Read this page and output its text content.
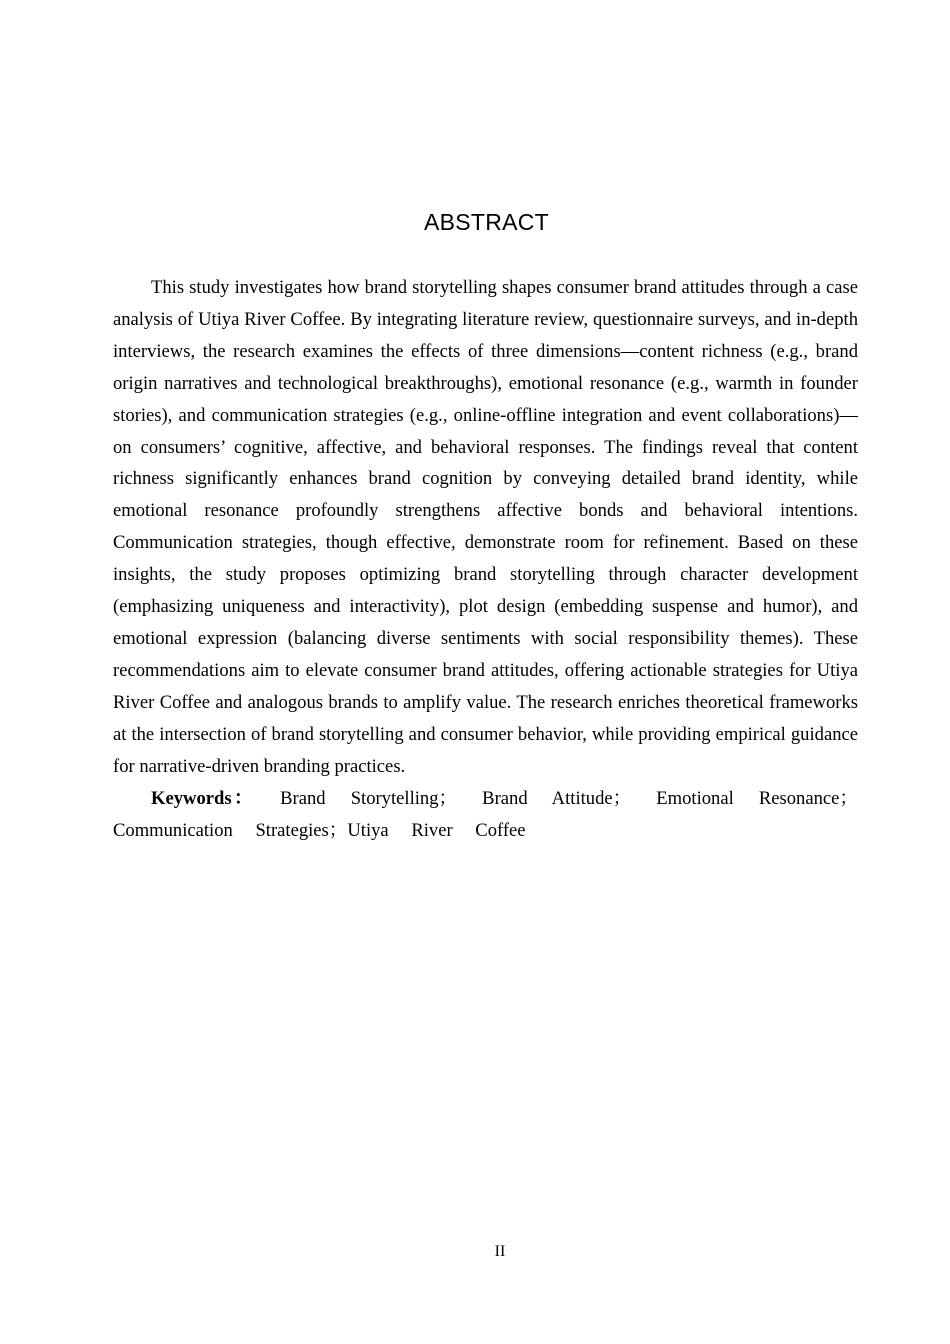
ABSTRACT

This study investigates how brand storytelling shapes consumer brand attitudes through a case analysis of Utiya River Coffee. By integrating literature review, questionnaire surveys, and in-depth interviews, the research examines the effects of three dimensions—content richness (e.g., brand origin narratives and technological breakthroughs), emotional resonance (e.g., warmth in founder stories), and communication strategies (e.g., online-offline integration and event collaborations)—on consumers’ cognitive, affective, and behavioral responses. The findings reveal that content richness significantly enhances brand cognition by conveying detailed brand identity, while emotional resonance profoundly strengthens affective bonds and behavioral intentions. Communication strategies, though effective, demonstrate room for refinement. Based on these insights, the study proposes optimizing brand storytelling through character development (emphasizing uniqueness and interactivity), plot design (embedding suspense and humor), and emotional expression (balancing diverse sentiments with social responsibility themes). These recommendations aim to elevate consumer brand attitudes, offering actionable strategies for Utiya River Coffee and analogous brands to amplify value. The research enriches theoretical frameworks at the intersection of brand storytelling and consumer behavior, while providing empirical guidance for narrative-driven branding practices.

Keywords： Brand Storytelling； Brand Attitude； Emotional Resonance； Communication Strategies；Utiya River Coffee

II
